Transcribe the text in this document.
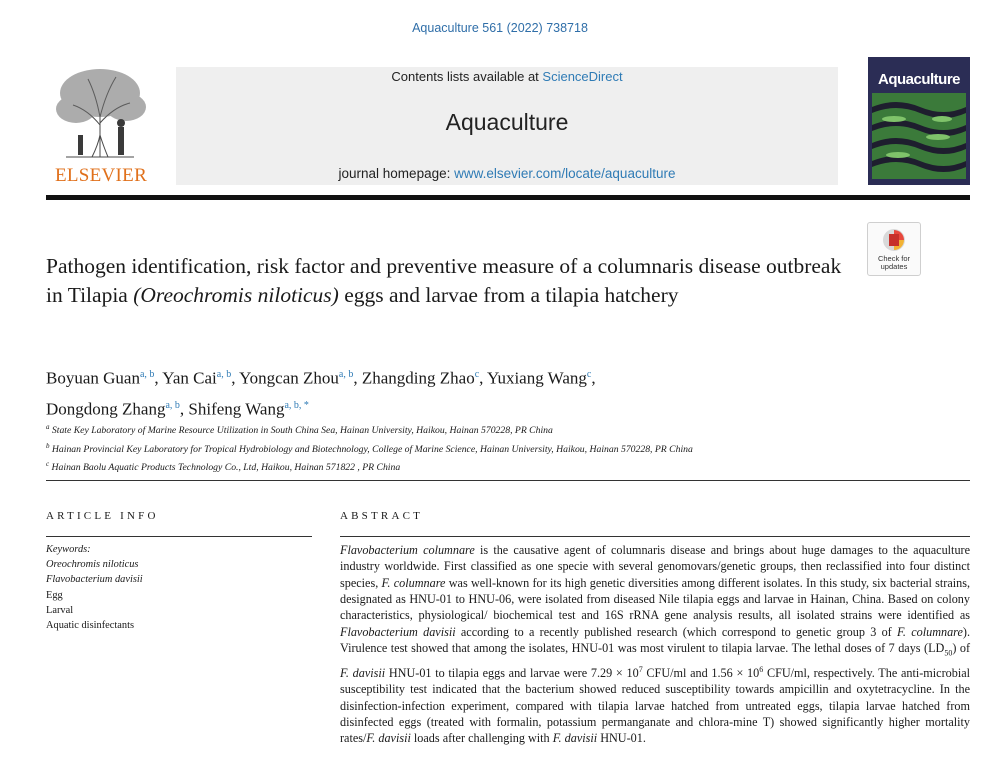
Aquaculture 561 (2022) 738718
ELSEVIER
Contents lists available at ScienceDirect
Aquaculture
journal homepage: www.elsevier.com/locate/aquaculture
Aquaculture
Check for
updates
Pathogen identification, risk factor and preventive measure of a columnaris disease outbreak in Tilapia (Oreochromis niloticus) eggs and larvae from a tilapia hatchery
Boyuan Guan$^{a, b}$, Yan Cai$^{a, b}$, Yongcan Zhou$^{a, b}$, Zhangding Zhao$^c$, Yuxiang Wang$^c$,
Dongdong Zhang$^{a, b}$, Shifeng Wang$^{a, b, *}$
$^a$ State Key Laboratory of Marine Resource Utilization in South China Sea, Hainan University, Haikou, Hainan 570228, PR China
$^b$ Hainan Provincial Key Laboratory for Tropical Hydrobiology and Biotechnology, College of Marine Science, Hainan University, Haikou, Hainan 570228, PR China
$^c$ Hainan Baolu Aquatic Products Technology Co., Ltd, Haikou, Hainan 571822 , PR China
ARTICLE INFO	ABSTRACT
Keywords:
Oreochromis niloticus
Flavobacterium davisii
Egg
Larval
Aquatic disinfectants
Flavobacterium columnare is the causative agent of columnaris disease and brings about huge damages to the aquaculture industry worldwide. First classified as one specie with several genomovars/genetic groups, then reclassified into four distinct species, F. columnare was well-known for its high genetic diversities among different isolates. In this study, six bacterial strains, designated as HNU-01 to HNU-06, were isolated from diseased Nile tilapia eggs and larvae in Hainan, China. Based on colony characteristics, physiological/ biochemical test and 16S rRNA gene analysis results, all isolated strains were identified as Flavobacterium davisii according to a recently published research (which correspond to genetic group 3 of F. columnare). Virulence test showed that among the isolates, HNU-01 was most virulent to tilapia larvae. The lethal doses of 7 days $(LD_{50})$ of F. davisii HNU-01 to tilapia eggs and larvae were $7.29 \times 10^7$ CFU/ml and $1.56 \times 10^6$ CFU/ml, respectively. The anti-microbial susceptibility test indicated that the bacterium showed reduced susceptibility towards ampicillin and oxytetracycline. In the disinfection-infection experiment, compared with tilapia larvae hatched from untreated eggs, tilapia larvae hatched from disinfected eggs (treated with formalin, potassium permanganate and chlora-mine T) showed significantly higher mortality rates/F. davisii loads after challenging with F. davisii HNU-01.
